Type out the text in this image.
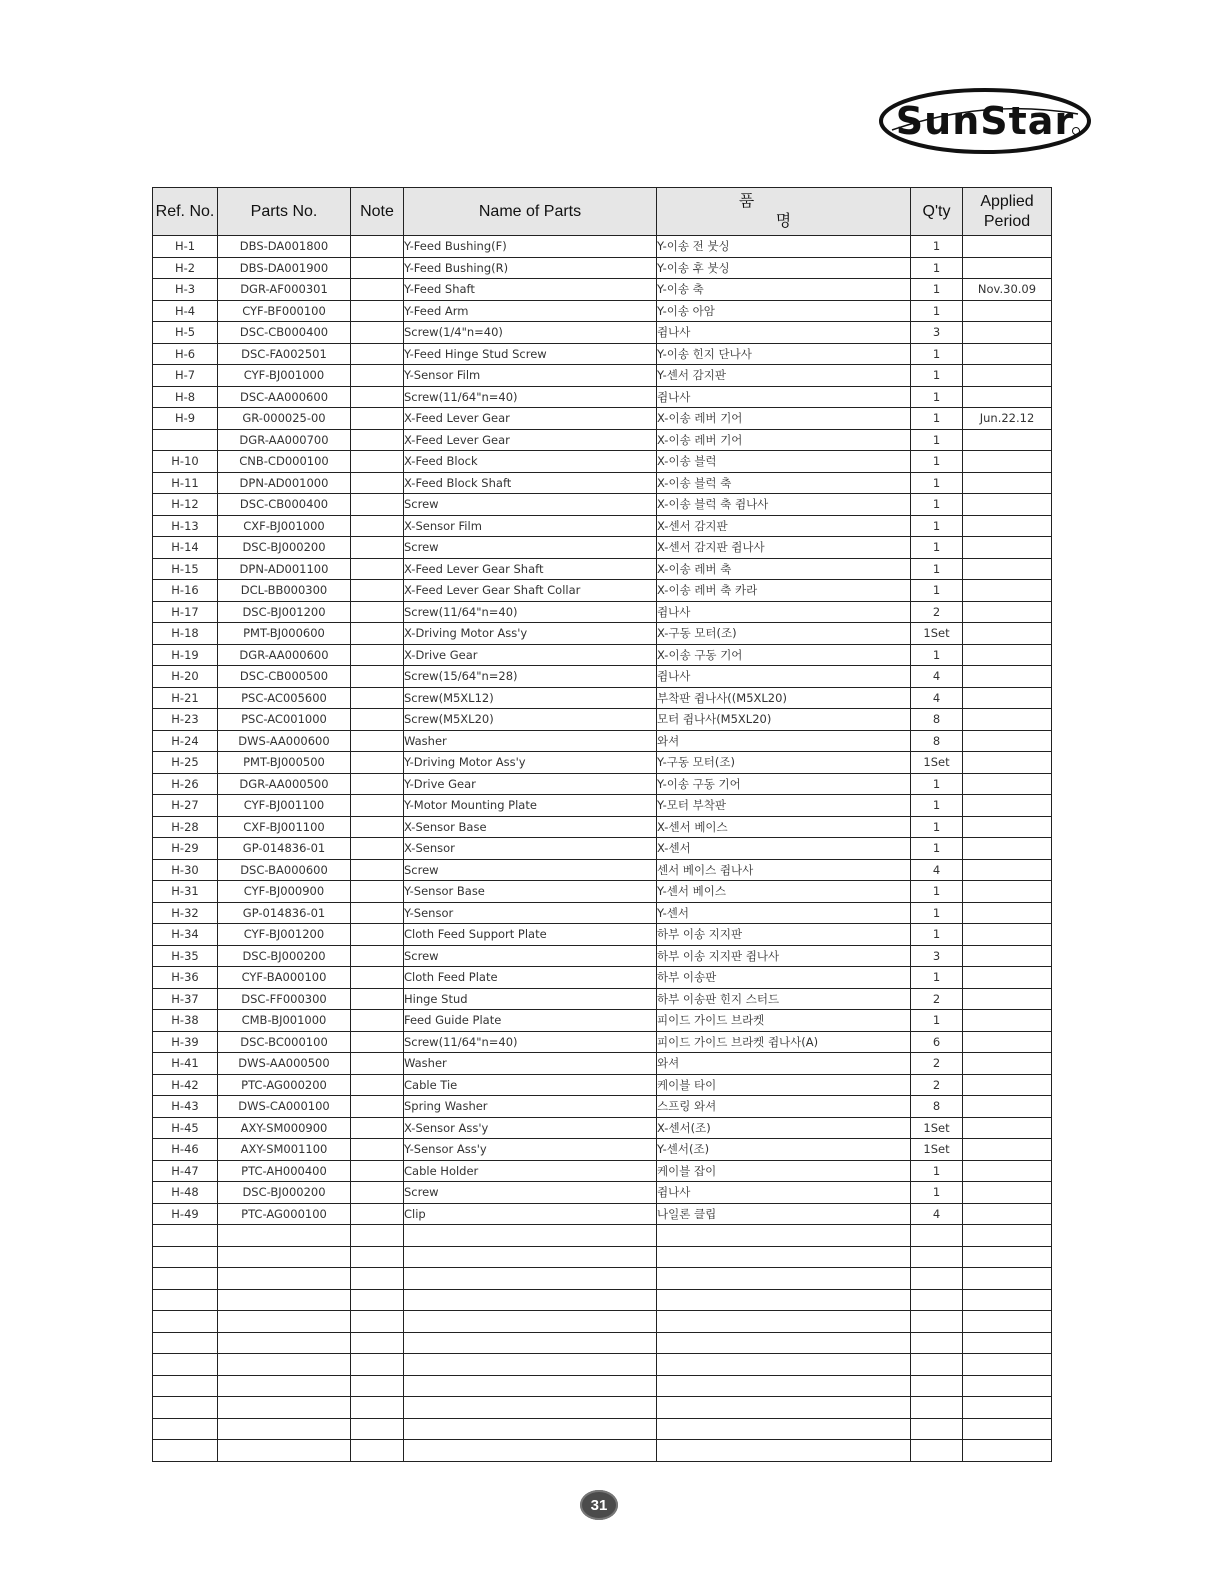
SunStar
Ref. No.	Parts No.	Note	Name of Parts	품 명	Q'ty	Applied Period
H-1	DBS-DA001800		Y-Feed Bushing(F)	Y-이송 전 붓싱	1	
H-2	DBS-DA001900		Y-Feed Bushing(R)	Y-이송 후 붓싱	1	
H-3	DGR-AF000301		Y-Feed Shaft	Y-이송 축	1	Nov.30.09
H-4	CYF-BF000100		Y-Feed Arm	Y-이송 아암	1	
H-5	DSC-CB000400		Screw(1/4"n=40)	쥠나사	3	
H-6	DSC-FA002501		Y-Feed Hinge Stud Screw	Y-이송 힌지 단나사	1	
H-7	CYF-BJ001000		Y-Sensor Film	Y-센서 감지판	1	
H-8	DSC-AA000600		Screw(11/64"n=40)	쥠나사	1	
H-9	GR-000025-00		X-Feed Lever Gear	X-이송 레버 기어	1	Jun.22.12
	DGR-AA000700		X-Feed Lever Gear	X-이송 레버 기어	1	
H-10	CNB-CD000100		X-Feed Block	X-이송 블럭	1	
H-11	DPN-AD001000		X-Feed Block Shaft	X-이송 블럭 축	1	
H-12	DSC-CB000400		Screw	X-이송 블럭 축 쥠나사	1	
H-13	CXF-BJ001000		X-Sensor Film	X-센서 감지판	1	
H-14	DSC-BJ000200		Screw	X-센서 감지판 쥠나사	1	
H-15	DPN-AD001100		X-Feed Lever Gear Shaft	X-이송 레버 축	1	
H-16	DCL-BB000300		X-Feed Lever Gear Shaft Collar	X-이송 레버 축 카라	1	
H-17	DSC-BJ001200		Screw(11/64"n=40)	쥠나사	2	
H-18	PMT-BJ000600		X-Driving Motor Ass'y	X-구동 모터(조)	1Set	
H-19	DGR-AA000600		X-Drive Gear	X-이송 구동 기어	1	
H-20	DSC-CB000500		Screw(15/64"n=28)	쥠나사	4	
H-21	PSC-AC005600		Screw(M5XL12)	부착판 쥠나사((M5XL20)	4	
H-23	PSC-AC001000		Screw(M5XL20)	모터 쥠나사(M5XL20)	8	
H-24	DWS-AA000600		Washer	와셔	8	
H-25	PMT-BJ000500		Y-Driving Motor Ass'y	Y-구동 모터(조)	1Set	
H-26	DGR-AA000500		Y-Drive Gear	Y-이송 구동 기어	1	
H-27	CYF-BJ001100		Y-Motor Mounting Plate	Y-모터 부착판	1	
H-28	CXF-BJ001100		X-Sensor Base	X-센서 베이스	1	
H-29	GP-014836-01		X-Sensor	X-센서	1	
H-30	DSC-BA000600		Screw	센서 베이스 쥠나사	4	
H-31	CYF-BJ000900		Y-Sensor Base	Y-센서 베이스	1	
H-32	GP-014836-01		Y-Sensor	Y-센서	1	
H-34	CYF-BJ001200		Cloth Feed Support Plate	하부 이송 지지판	1	
H-35	DSC-BJ000200		Screw	하부 이송 지지판 쥠나사	3	
H-36	CYF-BA000100		Cloth Feed Plate	하부 이송판	1	
H-37	DSC-FF000300		Hinge Stud	하부 이송판 힌지 스터드	2	
H-38	CMB-BJ001000		Feed Guide Plate	피이드 가이드 브라켓	1	
H-39	DSC-BC000100		Screw(11/64"n=40)	피이드 가이드 브라켓 쥠나사(A)	6	
H-41	DWS-AA000500		Washer	와셔	2	
H-42	PTC-AG000200		Cable Tie	케이블 타이	2	
H-43	DWS-CA000100		Spring Washer	스프링 와셔	8	
H-45	AXY-SM000900		X-Sensor Ass'y	X-센서(조)	1Set	
H-46	AXY-SM001100		Y-Sensor Ass'y	Y-센서(조)	1Set	
H-47	PTC-AH000400		Cable Holder	케이블 잡이	1	
H-48	DSC-BJ000200		Screw	쥠나사	1	
H-49	PTC-AG000100		Clip	나일론 클립	4	

31
